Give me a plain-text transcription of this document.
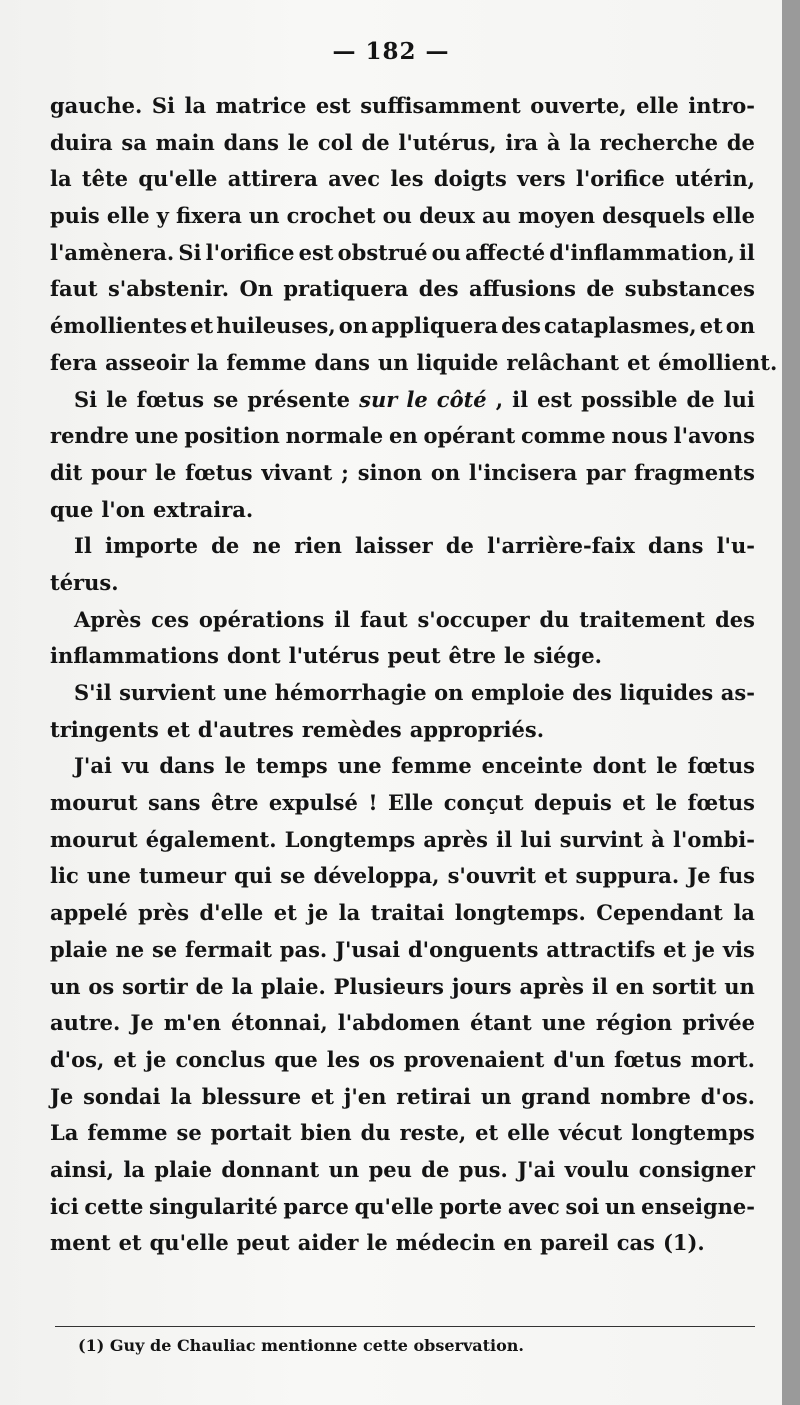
— 182 —
gauche. Si la matrice est suffisamment ouverte, elle intro-
duira sa main dans le col de l'utérus, ira à la recherche de
la tête qu'elle attirera avec les doigts vers l'orifice utérin,
puis elle y fixera un crochet ou deux au moyen desquels elle
l'amènera. Si l'orifice est obstrué ou affecté d'inflammation, il
faut s'abstenir. On pratiquera des affusions de substances
émollientes et huileuses, on appliquera des cataplasmes, et on
fera asseoir la femme dans un liquide relâchant et émollient.
Si le fœtus se présente sur le côté , il est possible de lui
rendre une position normale en opérant comme nous l'avons
dit pour le fœtus vivant ; sinon on l'incisera par fragments
que l'on extraira.
Il importe de ne rien laisser de l'arrière-faix dans l'u-
térus.
Après ces opérations il faut s'occuper du traitement des
inflammations dont l'utérus peut être le siége.
S'il survient une hémorrhagie on emploie des liquides as-
tringents et d'autres remèdes appropriés.
J'ai vu dans le temps une femme enceinte dont le fœtus
mourut sans être expulsé ! Elle conçut depuis et le fœtus
mourut également. Longtemps après il lui survint à l'ombi-
lic une tumeur qui se développa, s'ouvrit et suppura. Je fus
appelé près d'elle et je la traitai longtemps. Cependant la
plaie ne se fermait pas. J'usai d'onguents attractifs et je vis
un os sortir de la plaie. Plusieurs jours après il en sortit un
autre. Je m'en étonnai, l'abdomen étant une région privée
d'os, et je conclus que les os provenaient d'un fœtus mort.
Je sondai la blessure et j'en retirai un grand nombre d'os.
La femme se portait bien du reste, et elle vécut longtemps
ainsi, la plaie donnant un peu de pus. J'ai voulu consigner
ici cette singularité parce qu'elle porte avec soi un enseigne-
ment et qu'elle peut aider le médecin en pareil cas (1).
(1) Guy de Chauliac mentionne cette observation.
